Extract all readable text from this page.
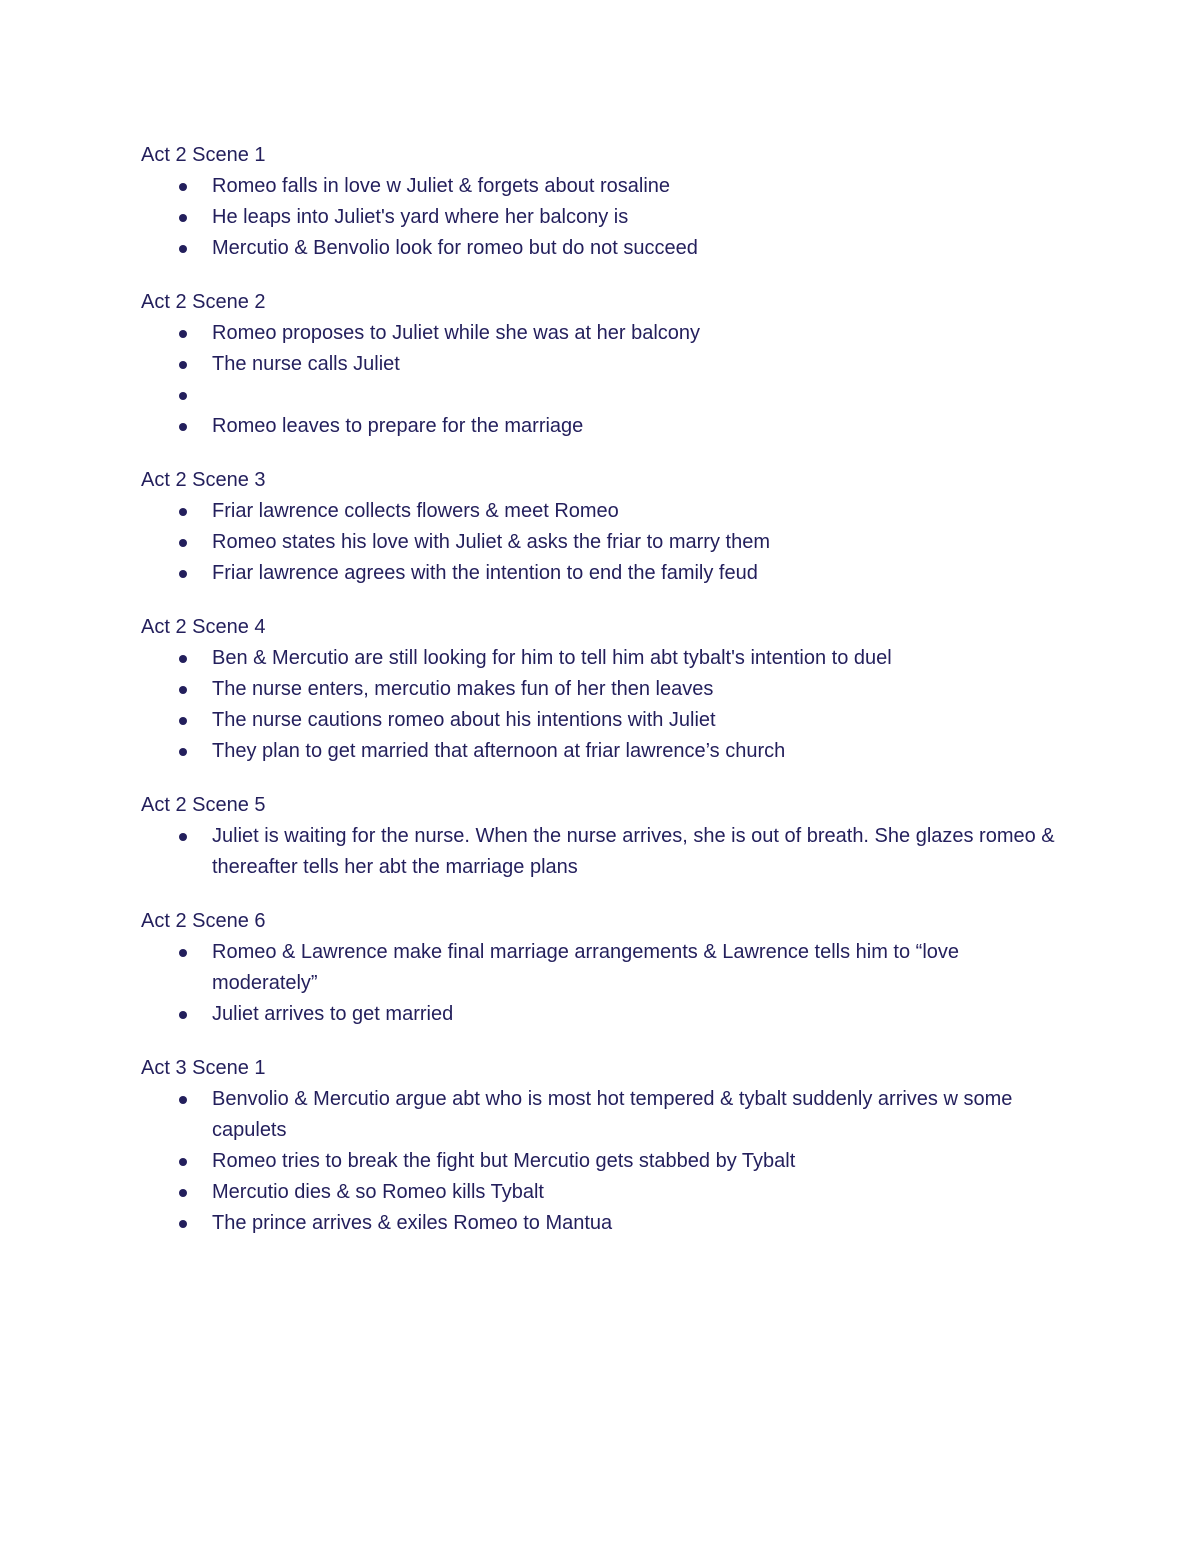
Act 2 Scene 1

Romeo falls in love w Juliet & forgets about rosaline
He leaps into Juliet's yard where her balcony is
Mercutio & Benvolio look for romeo but do not succeed

Act 2 Scene 2

Romeo proposes to Juliet while she was at her balcony
The nurse calls Juliet
Romeo leaves to prepare for the marriage

Act 2 Scene 3

Friar lawrence collects flowers & meet Romeo
Romeo states his love with Juliet & asks the friar to marry them
Friar lawrence agrees with the intention to end the family feud

Act 2 Scene 4

Ben & Mercutio are still looking for him to tell him abt tybalt's intention to duel
The nurse enters, mercutio makes fun of her then leaves
The nurse cautions romeo about his intentions with Juliet
They plan to get married that afternoon at friar lawrence’s church

Act 2 Scene 5

Juliet is waiting for the nurse. When the nurse arrives, she is out of breath. She glazes romeo & thereafter tells her abt the marriage plans

Act 2 Scene 6

Romeo & Lawrence make final marriage arrangements & Lawrence tells him to “love moderately”
Juliet arrives to get married

Act 3 Scene 1

Benvolio & Mercutio argue abt who is most hot tempered & tybalt suddenly arrives w some capulets
Romeo tries to break the fight but Mercutio gets stabbed by Tybalt
Mercutio dies & so Romeo kills Tybalt
The prince arrives & exiles Romeo to Mantua
